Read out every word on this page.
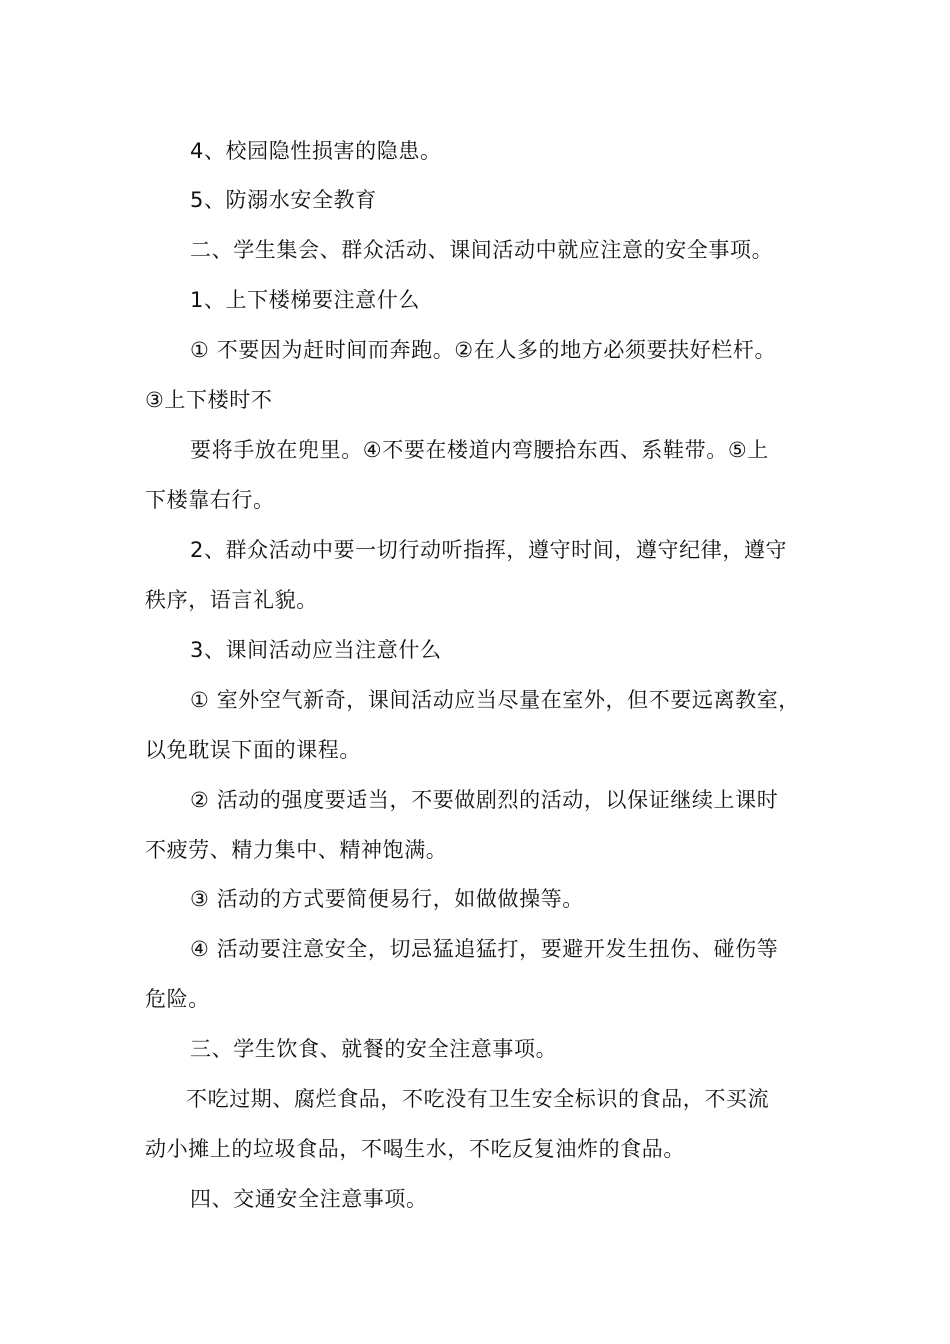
4、校园隐性损害的隐患。
5、防溺水安全教育
二、学生集会、群众活动、课间活动中就应注意的安全事项。
1、上下楼梯要注意什么
① 不要因为赶时间而奔跑。②在人多的地方必须要扶好栏杆。
③上下楼时不
要将手放在兜里。④不要在楼道内弯腰拾东西、系鞋带。⑤上
下楼靠右行。
2、群众活动中要一切行动听指挥，遵守时间，遵守纪律，遵守
秩序，语言礼貌。
3、课间活动应当注意什么
① 室外空气新奇，课间活动应当尽量在室外，但不要远离教室，
以免耽误下面的课程。
② 活动的强度要适当，不要做剧烈的活动，以保证继续上课时
不疲劳、精力集中、精神饱满。
③ 活动的方式要简便易行，如做做操等。
④ 活动要注意安全，切忌猛追猛打，要避开发生扭伤、碰伤等
危险。
三、学生饮食、就餐的安全注意事项。
不吃过期、腐烂食品，不吃没有卫生安全标识的食品，不买流
动小摊上的垃圾食品，不喝生水，不吃反复油炸的食品。
四、交通安全注意事项。
